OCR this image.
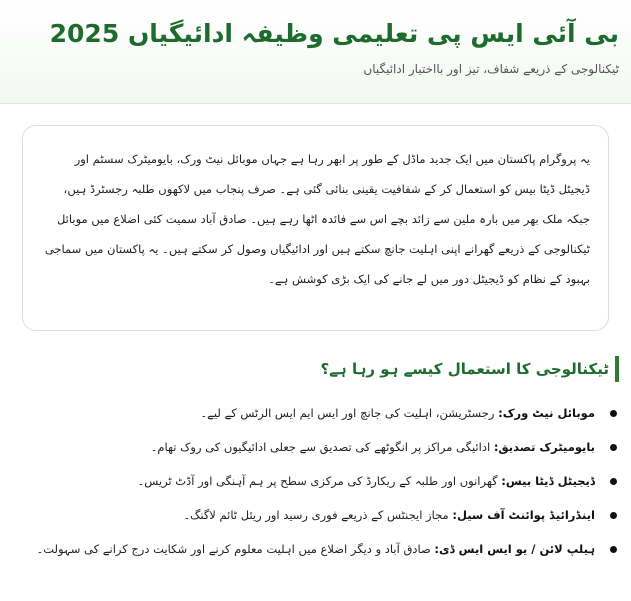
بی آئی ایس پی تعلیمی وظیفہ ادائیگیاں 2025

ٹیکنالوجی کے ذریعے شفاف، تیز اور بااختیار ادائیگیاں

یہ پروگرام پاکستان میں ایک جدید ماڈل کے طور پر ابھر رہا ہے جہاں موبائل نیٹ ورک، بایومیٹرک سسٹم اور ڈیجیٹل ڈیٹا بیس کو استعمال کر کے شفافیت یقینی بنائی گئی ہے۔ صرف پنجاب میں لاکھوں طلبہ رجسٹرڈ ہیں، جبکہ ملک بھر میں بارہ ملین سے زائد بچے اس سے فائدہ اٹھا رہے ہیں۔ صادق آباد سمیت کئی اضلاع میں موبائل ٹیکنالوجی کے ذریعے گھرانے اپنی اہلیت جانچ سکتے ہیں اور ادائیگیاں وصول کر سکتے ہیں۔ یہ پاکستان میں سماجی بہبود کے نظام کو ڈیجیٹل دور میں لے جانے کی ایک بڑی کوشش ہے۔

ٹیکنالوجی کا استعمال کیسے ہو رہا ہے؟
موبائل نیٹ ورک: رجسٹریشن، اہلیت کی جانچ اور ایس ایم ایس الرٹس کے لیے۔
بایومیٹرک تصدیق: ادائیگی مراکز پر انگوٹھے کی تصدیق سے جعلی ادائیگیوں کی روک تھام۔
ڈیجیٹل ڈیٹا بیس: گھرانوں اور طلبہ کے ریکارڈ کی مرکزی سطح پر ہم آہنگی اور آڈٹ ٹریس۔
اینڈرائیڈ پوائنٹ آف سیل: مجاز ایجنٹس کے ذریعے فوری رسید اور ریئل ٹائم لاگنگ۔
ہیلپ لائن / یو ایس ایس ڈی: صادق آباد و دیگر اضلاع میں اہلیت معلوم کرنے اور شکایت درج کرانے کی سہولت۔
